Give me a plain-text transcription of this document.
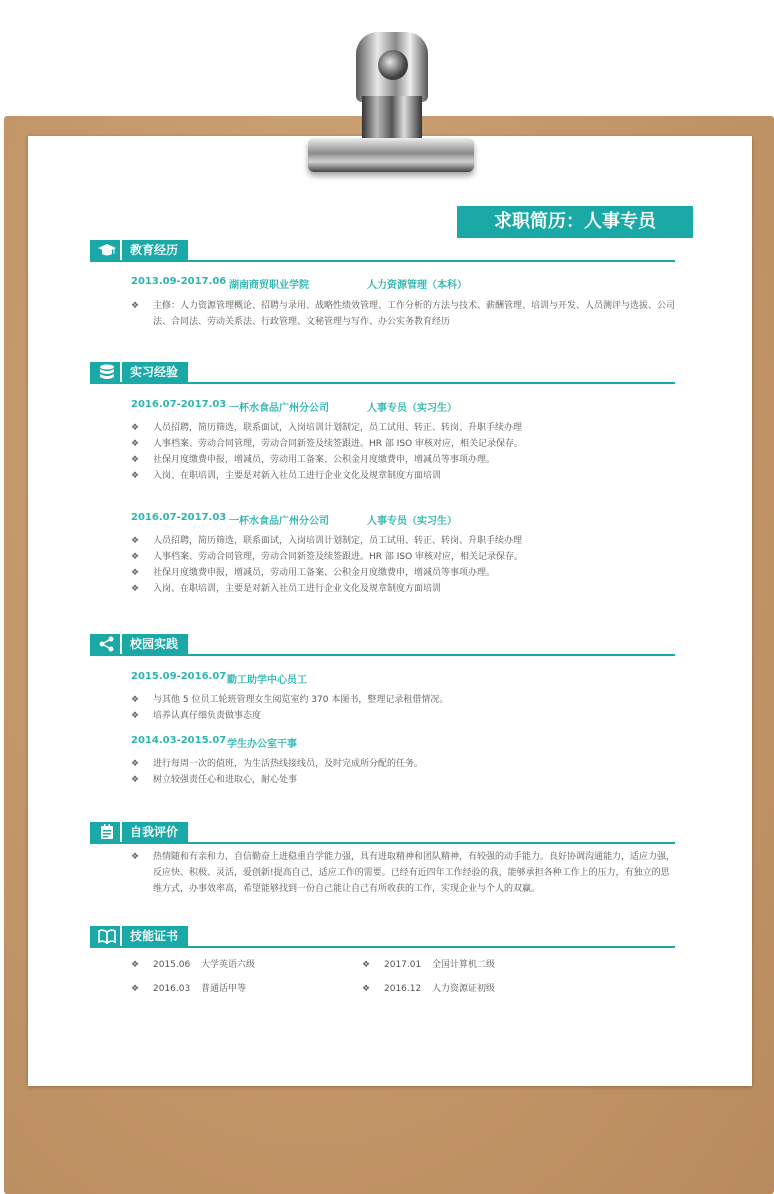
求职简历：人事专员
教育经历
2013.09-2017.06 湖南商贸职业学院	人力资源管理（本科）
❖	主修：人力资源管理概论、招聘与录用、战略性绩效管理、工作分析的方法与技术、薪酬管理、培训与开发、人员测评与选拔、公司法、合同法、劳动关系法、行政管理、文秘管理与写作、办公实务教育经历
实习经验
2016.07-2017.03 一杯水食品广州分公司	人事专员（实习生）
❖	人员招聘，简历筛选，联系面试，入岗培训计划制定，员工试用、转正、转岗、升职手续办理
❖	人事档案、劳动合同管理，劳动合同新签及续签跟进。HR 部 ISO 审核对应，相关记录保存。
❖	社保月度缴费申报，增减员，劳动用工备案、公积金月度缴费申，增减员等事项办理。
❖	入岗、在职培训，主要是对新入社员工进行企业文化及规章制度方面培训
2016.07-2017.03 一杯水食品广州分公司	人事专员（实习生）
❖	人员招聘，简历筛选，联系面试，入岗培训计划制定，员工试用、转正、转岗、升职手续办理
❖	人事档案、劳动合同管理，劳动合同新签及续签跟进。HR 部 ISO 审核对应，相关记录保存。
❖	社保月度缴费申报，增减员，劳动用工备案、公积金月度缴费申，增减员等事项办理。
❖	入岗、在职培训，主要是对新入社员工进行企业文化及规章制度方面培训
校园实践
2015.09-2016.07 勤工助学中心员工
❖	与其他 5 位员工轮班管理女生阅览室约 370 本图书，整理记录租借情况。
❖	培养认真仔细负责做事态度
2014.03-2015.07 学生办公室干事
❖	进行每周一次的值班，为生活热线接线员，及时完成所分配的任务。
❖	树立较强责任心和进取心，耐心处事
自我评价
❖	热情随和有亲和力，自信勤奋上进稳重自学能力强，具有进取精神和团队精神，有较强的动手能力。良好协调沟通能力，适应力强，反应快、积极、灵活，爱创新!提高自己，适应工作的需要。已经有近四年工作经验的我，能够承担各种工作上的压力，有独立的思维方式，办事效率高，希望能够找到一份自己能让自己有所收获的工作，实现企业与个人的双赢。
技能证书
❖ 2015.06 大学英语六级	❖ 2017.01 全国计算机二级
❖ 2016.03 普通话甲等	❖ 2016.12 人力资源证初级
